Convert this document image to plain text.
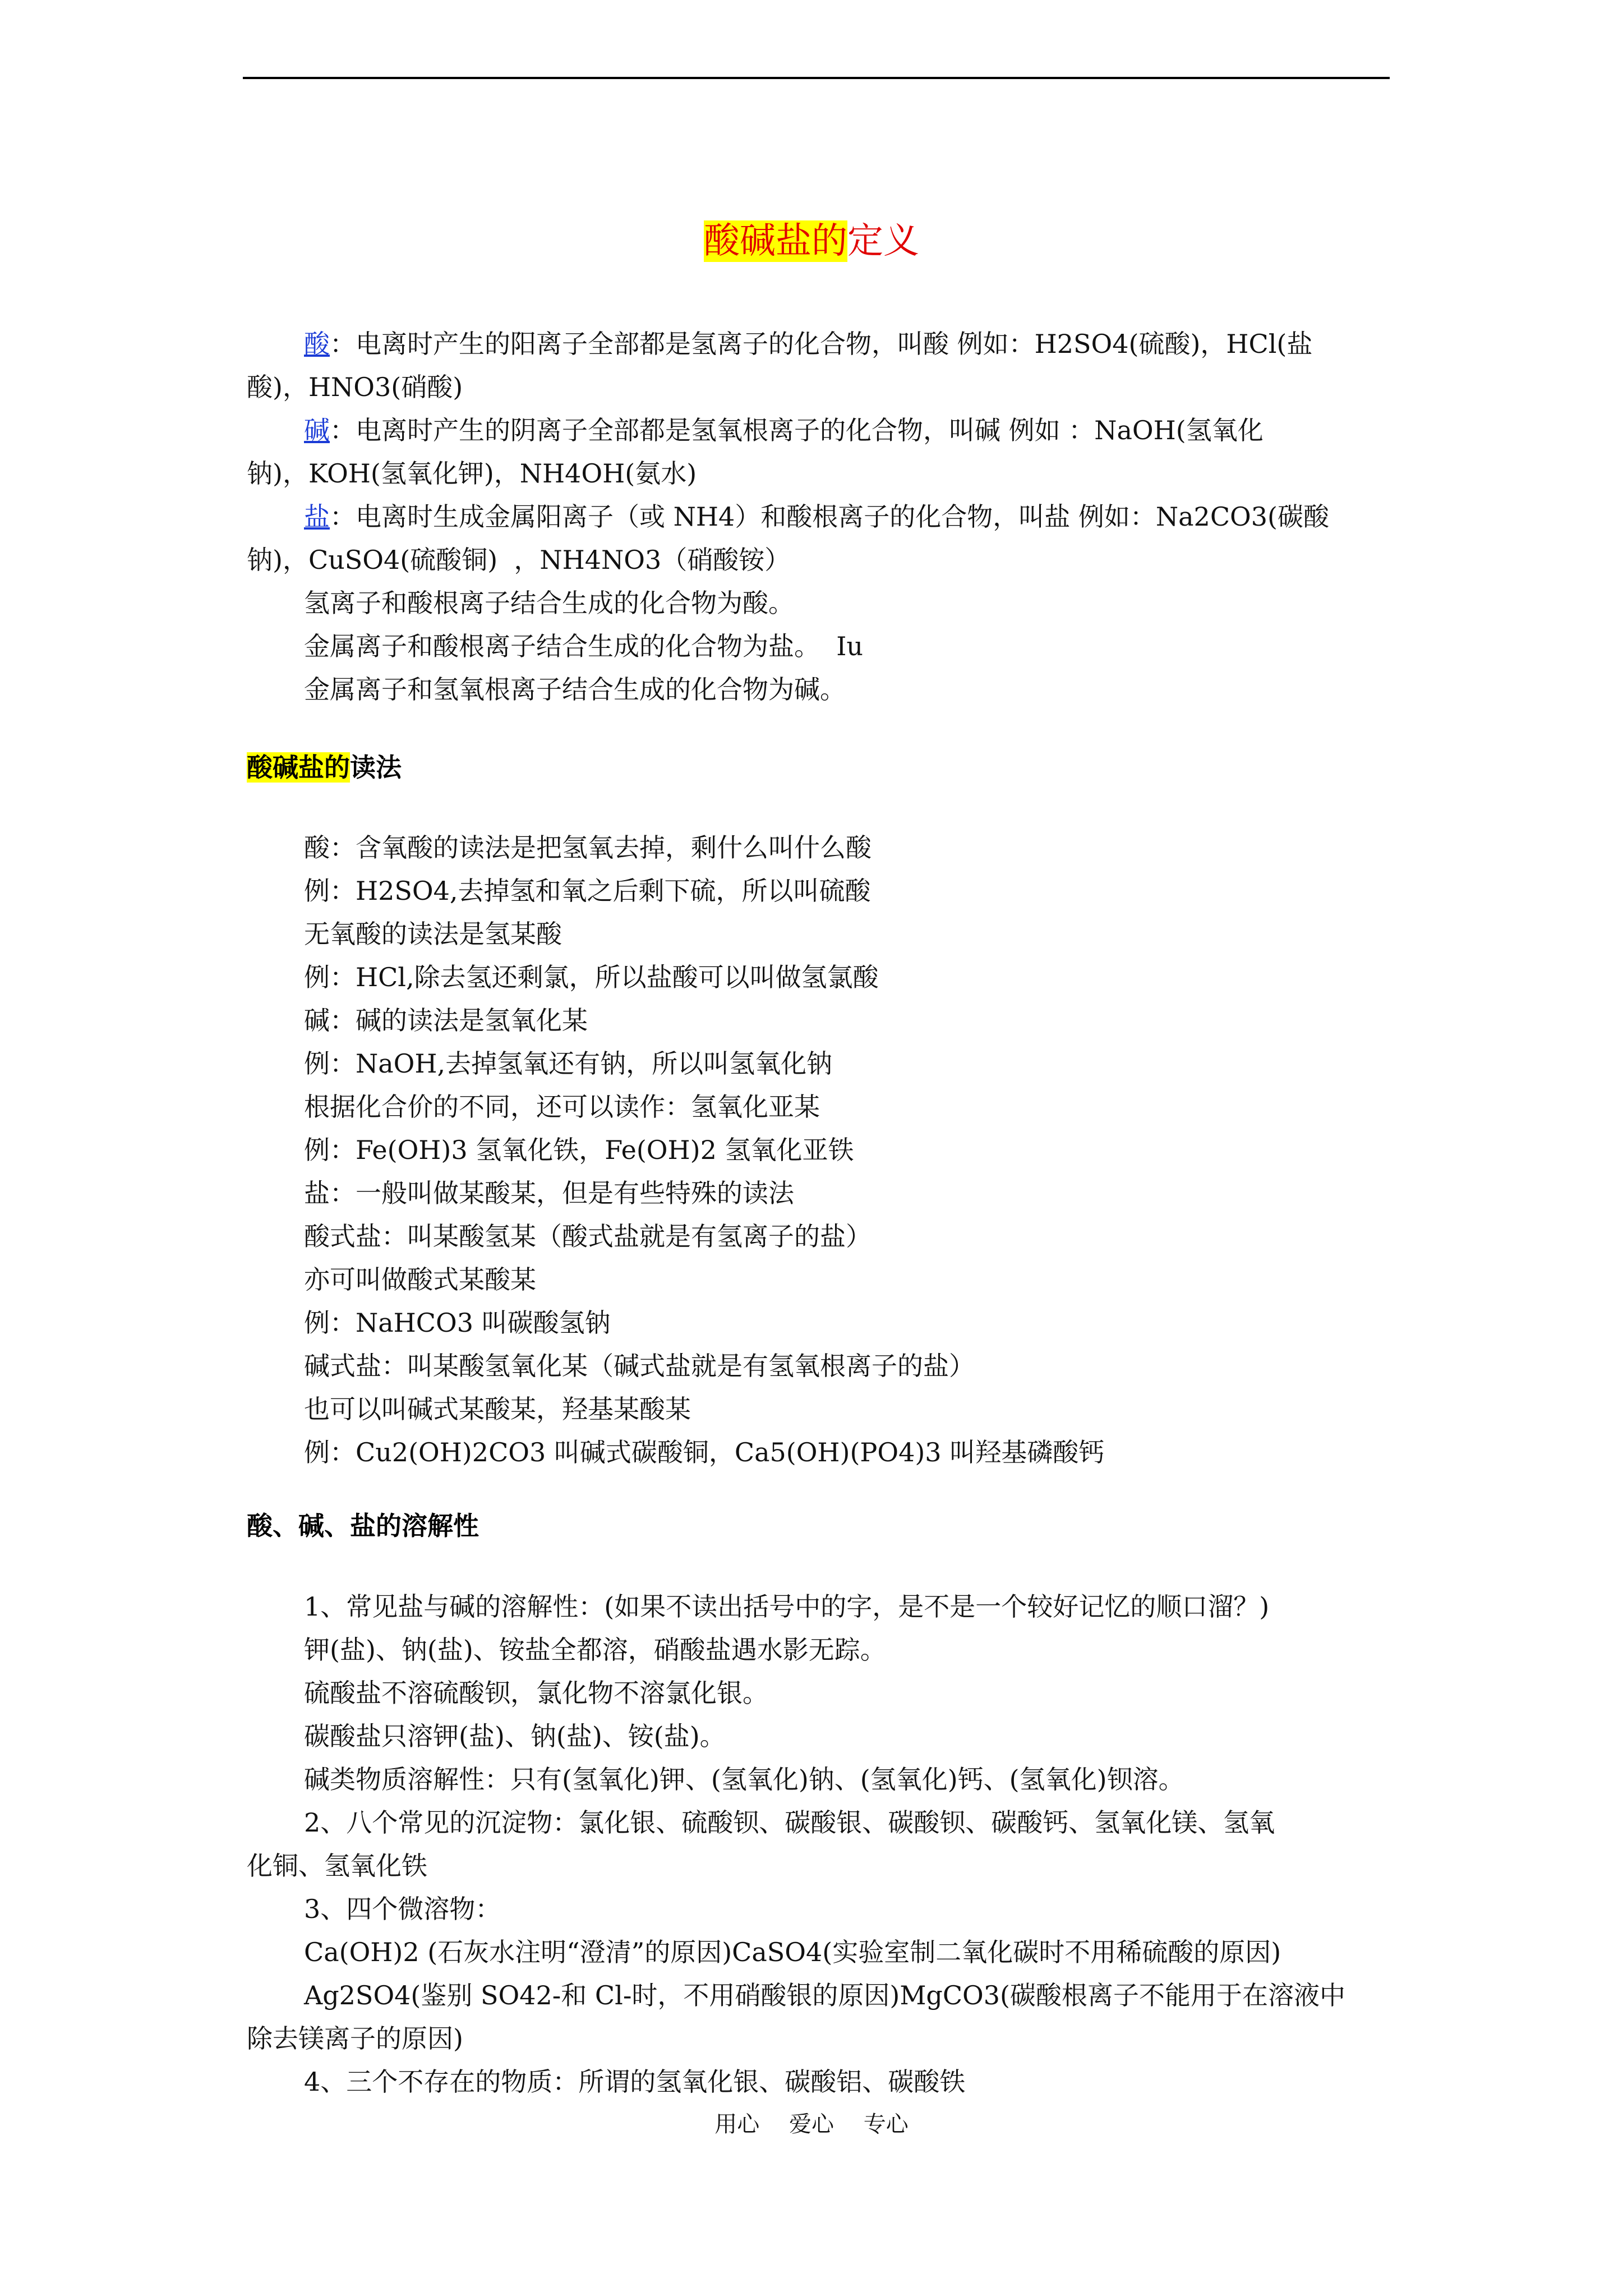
酸碱盐的定义
酸：电离时产生的阳离子全部都是氢离子的化合物，叫酸 例如：H2SO4(硫酸)，HCl(盐
酸)，HNO3(硝酸)
碱：电离时产生的阴离子全部都是氢氧根离子的化合物，叫碱 例如 ：NaOH(氢氧化
钠)，KOH(氢氧化钾)，NH4OH(氨水)
盐：电离时生成金属阳离子（或 NH4）和酸根离子的化合物，叫盐 例如：Na2CO3(碳酸
钠)，CuSO4(硫酸铜)  ，NH4NO3（硝酸铵）
氢离子和酸根离子结合生成的化合物为酸。
金属离子和酸根离子结合生成的化合物为盐。  Iu
金属离子和氢氧根离子结合生成的化合物为碱。
酸碱盐的读法
酸：含氧酸的读法是把氢氧去掉，剩什么叫什么酸
例：H2SO4,去掉氢和氧之后剩下硫，所以叫硫酸
无氧酸的读法是氢某酸
例：HCl,除去氢还剩氯，所以盐酸可以叫做氢氯酸
碱：碱的读法是氢氧化某
例：NaOH,去掉氢氧还有钠，所以叫氢氧化钠
根据化合价的不同，还可以读作：氢氧化亚某
例：Fe(OH)3 氢氧化铁，Fe(OH)2 氢氧化亚铁
盐：一般叫做某酸某，但是有些特殊的读法
酸式盐：叫某酸氢某（酸式盐就是有氢离子的盐）
亦可叫做酸式某酸某
例：NaHCO3 叫碳酸氢钠
碱式盐：叫某酸氢氧化某（碱式盐就是有氢氧根离子的盐）
也可以叫碱式某酸某，羟基某酸某
例：Cu2(OH)2CO3 叫碱式碳酸铜，Ca5(OH)(PO4)3 叫羟基磷酸钙
酸、碱、盐的溶解性
1、常见盐与碱的溶解性：(如果不读出括号中的字，是不是一个较好记忆的顺口溜？)
钾(盐)、钠(盐)、铵盐全都溶，硝酸盐遇水影无踪。
硫酸盐不溶硫酸钡，氯化物不溶氯化银。
碳酸盐只溶钾(盐)、钠(盐)、铵(盐)。
碱类物质溶解性：只有(氢氧化)钾、(氢氧化)钠、(氢氧化)钙、(氢氧化)钡溶。
2、八个常见的沉淀物：氯化银、硫酸钡、碳酸银、碳酸钡、碳酸钙、氢氧化镁、氢氧
化铜、氢氧化铁
3、四个微溶物：
Ca(OH)2 (石灰水注明“澄清”的原因)CaSO4(实验室制二氧化碳时不用稀硫酸的原因)
Ag2SO4(鉴别 SO42-和 Cl-时，不用硝酸银的原因)MgCO3(碳酸根离子不能用于在溶液中
除去镁离子的原因)
4、三个不存在的物质：所谓的氢氧化银、碳酸铝、碳酸铁
用心 爱心 专心
